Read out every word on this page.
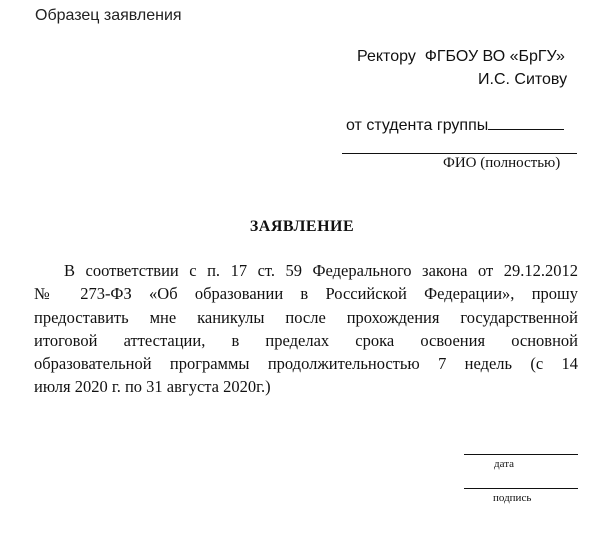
Образец заявления
Ректору  ФГБОУ ВО «БрГУ»
И.С. Ситову
от студента группы
ФИО (полностью)
ЗАЯВЛЕНИЕ
В соответствии с п. 17 ст. 59 Федерального закона от 29.12.2012
№ 273-ФЗ «Об образовании в Российской Федерации», прошу
предоставить мне каникулы после прохождения государственной
итоговой аттестации, в пределах срока освоения основной
образовательной программы продолжительностью 7 недель (с 14
июля 2020 г. по 31 августа 2020г.)
дата
подпись
